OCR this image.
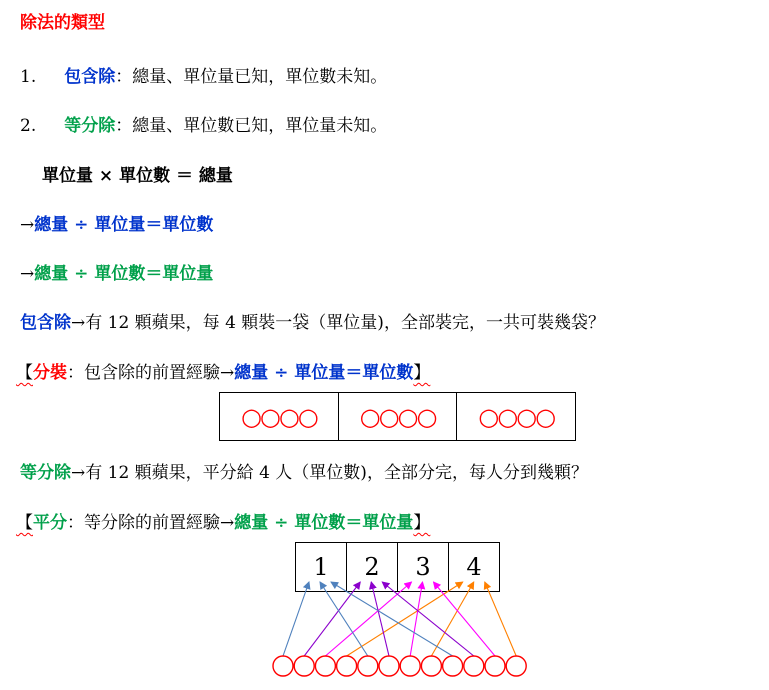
除法的類型
1. 包含除：總量、單位量已知，單位數未知。
2. 等分除：總量、單位數已知，單位量未知。
單位量 × 單位數 ＝ 總量
→總量 ÷ 單位量＝單位數
→總量 ÷ 單位數＝單位量
包含除→有 12 顆蘋果，每 4 顆裝一袋（單位量)，全部裝完，一共可裝幾袋？
【分裝：包含除的前置經驗→總量 ÷ 單位量＝單位數】
○○○○ ○○○○ ○○○○
等分除→有 12 顆蘋果，平分給 4 人（單位數)，全部分完，每人分到幾顆？
【平分：等分除的前置經驗→總量 ÷ 單位數＝單位量】
1	2	3	4
